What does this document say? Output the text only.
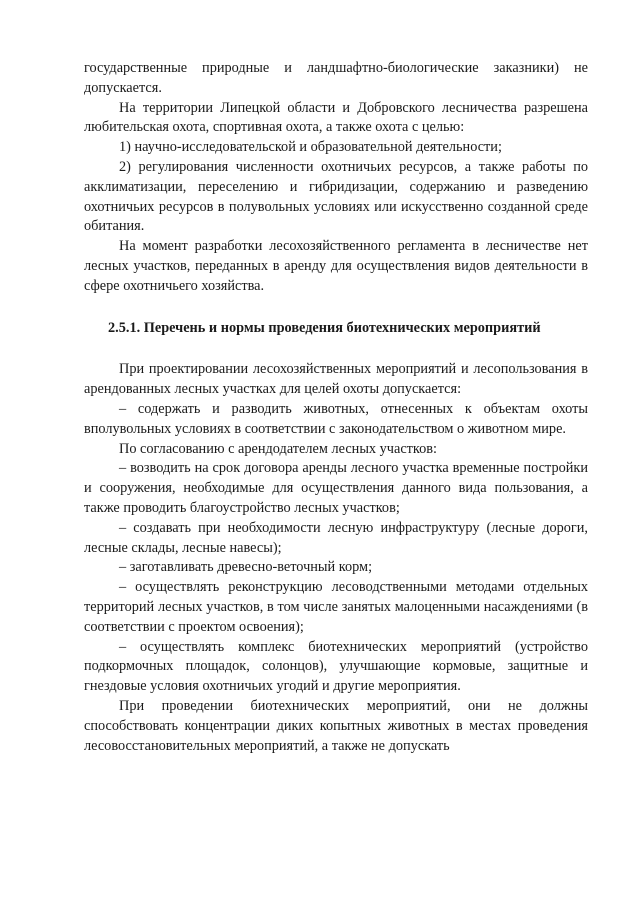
государственные природные и ландшафтно-биологические заказники) не допускается.

На территории Липецкой области и Добровского лесничества разрешена любительская охота, спортивная охота, а также охота с целью:

1) научно-исследовательской и образовательной деятельности;

2) регулирования численности охотничьих ресурсов, а также работы по акклиматизации, переселению и гибридизации, содержанию и разведению охотничьих ресурсов в полувольных условиях или искусственно созданной среде обитания.

На момент разработки лесохозяйственного регламента в лесничестве нет лесных участков, переданных в аренду для осуществления видов деятельности в сфере охотничьего хозяйства.

2.5.1. Перечень и нормы проведения биотехнических мероприятий

При проектировании лесохозяйственных мероприятий и лесопользования в арендованных лесных участках для целей охоты допускается:

– содержать и разводить животных, отнесенных к объектам охоты вполувольных условиях в соответствии с законодательством о животном мире.

По согласованию с арендодателем лесных участков:

– возводить на срок договора аренды лесного участка временные постройки и сооружения, необходимые для осуществления данного вида пользования, а также проводить благоустройство лесных участков;

– создавать при необходимости лесную инфраструктуру (лесные дороги, лесные склады, лесные навесы);

– заготавливать древесно-веточный корм;

– осуществлять реконструкцию лесоводственными методами отдельных территорий лесных участков, в том числе занятых малоценными насаждениями (в соответствии с проектом освоения);

– осуществлять комплекс биотехнических мероприятий (устройство подкормочных площадок, солонцов), улучшающие кормовые, защитные и гнездовые условия охотничьих угодий и другие мероприятия.

При проведении биотехнических мероприятий, они не должны способствовать концентрации диких копытных животных в местах проведения лесовосстановительных мероприятий, а также не допускать
